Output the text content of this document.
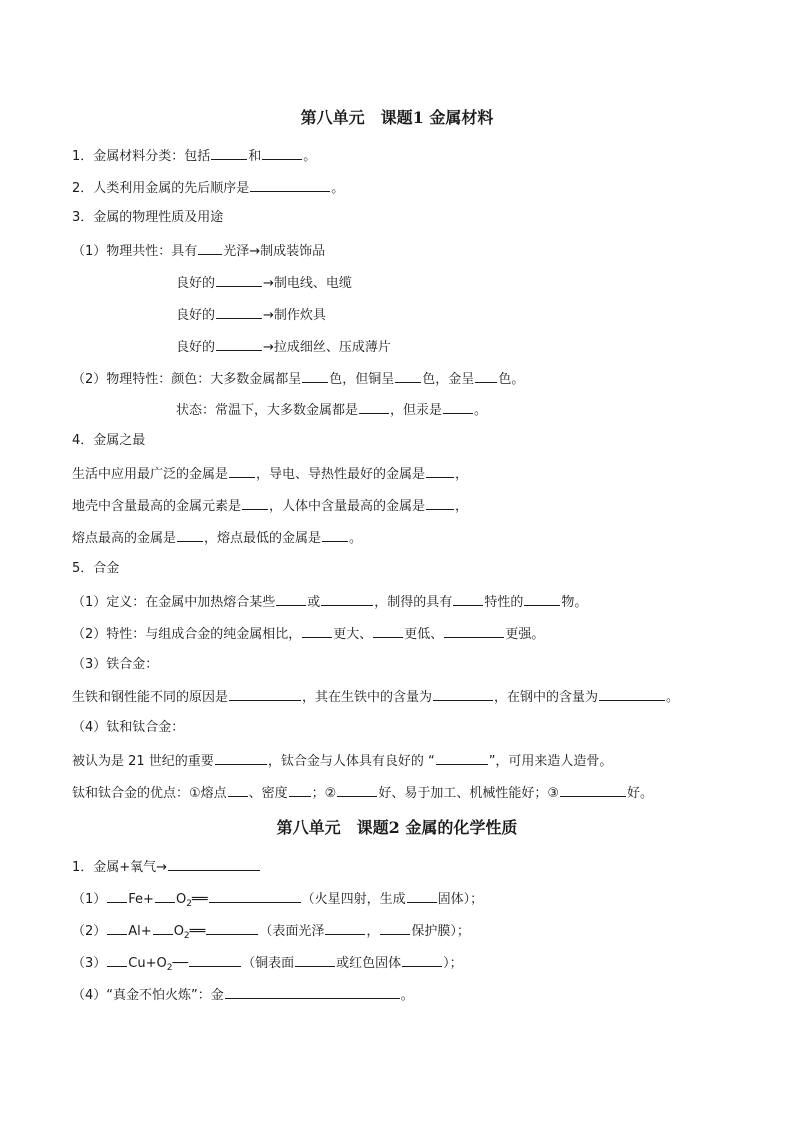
第八单元　课题1 金属材料
1．金属材料分类：包括	和	。
2．人类利用金属的先后顺序是	。
3．金属的物理性质及用途
（1）物理共性：具有 光泽→制成装饰品
良好的	→制电线、电缆
良好的	→制作炊具
良好的	→拉成细丝、压成薄片
（2）物理特性：颜色：大多数金属都呈 色，但铜呈 色，金呈 色。
状态：常温下，大多数金属都是 ，但汞是 。
4．金属之最
生活中应用最广泛的金属是 ，导电、导热性最好的金属是 ，
地壳中含量最高的金属元素是 ，人体中含量最高的金属是 ，
熔点最高的金属是 ，熔点最低的金属是 。
5．合金
（1）定义：在金属中加热熔合某些 或	，制得的具有 特性的	物。
（2）特性：与组成合金的纯金属相比， 更大、 更低、	更强。
（3）铁合金：
生铁和钢性能不同的原因是	，其在生铁中的含量为	，在钢中的含量为	。
（4）钛和钛合金：
被认为是 21 世纪的重要	，钛合金与人体具有良好的 “	”，可用来造人造骨。
钛和钛合金的优点：①熔点 、密度 ；②	好、易于加工、机械性能好；③	好。
第八单元　课题2 金属的化学性质
1．金属+氧气→
（1） $Fe+ O_2══$	（火星四射，生成 固体）；
（2） $Al+ O_2══$	（表面光泽	， 保护膜）；
（3） $Cu+O_2──$	（铜表面	或红色固体	）；
（4）“真金不怕火炼”：金	。
